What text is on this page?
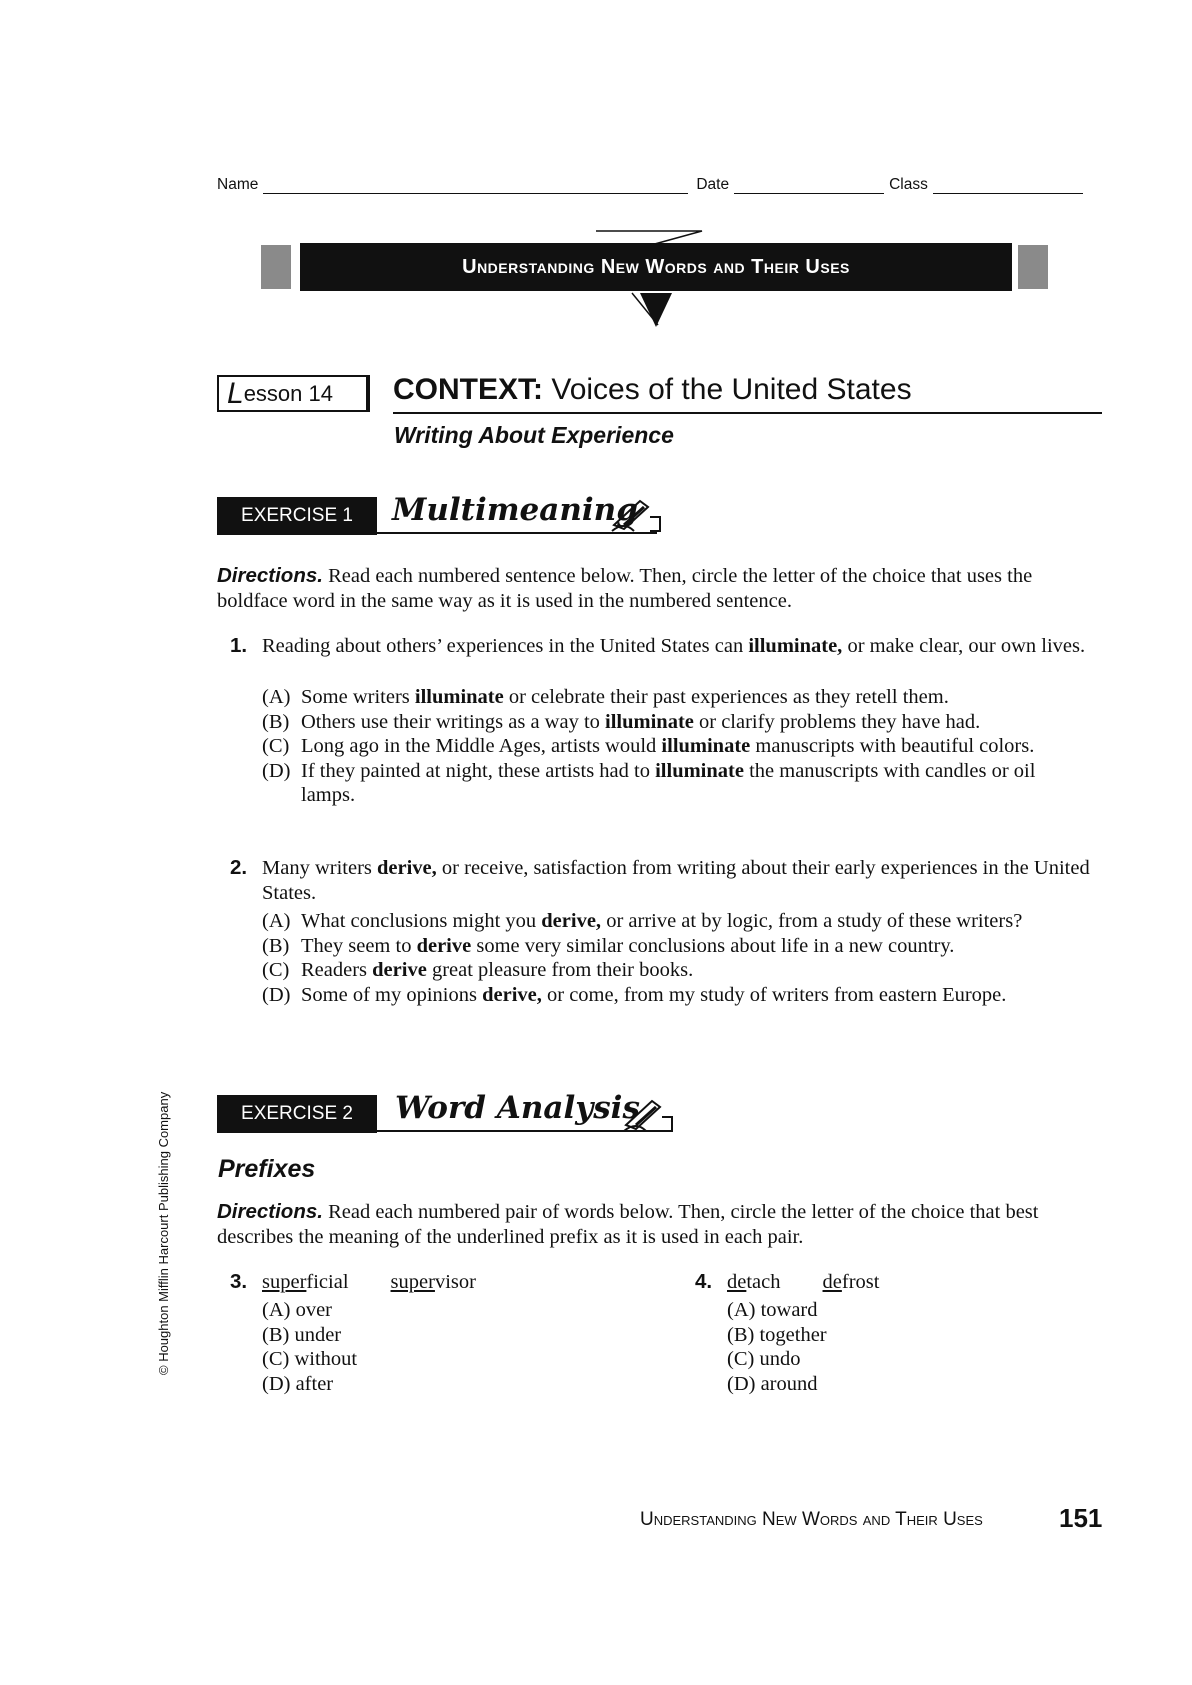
Name	Date	Class
Understanding New Words and Their Uses
L esson 14 CONTEXT: Voices of the United States
Writing About Experience
EXERCISE 1	Multimeaning
Directions. Read each numbered sentence below. Then, circle the letter of the choice that uses the boldface word in the same way as it is used in the numbered sentence.
1. Reading about others’ experiences in the United States can illuminate, or make clear, our own lives.
(A) Some writers illuminate or celebrate their past experiences as they retell them.
(B) Others use their writings as a way to illuminate or clarify problems they have had.
(C) Long ago in the Middle Ages, artists would illuminate manuscripts with beautiful colors.
(D) If they painted at night, these artists had to illuminate the manuscripts with candles or oil lamps.
2. Many writers derive, or receive, satisfaction from writing about their early experiences in the United States.
(A) What conclusions might you derive, or arrive at by logic, from a study of these writers?
(B) They seem to derive some very similar conclusions about life in a new country.
(C) Readers derive great pleasure from their books.
(D) Some of my opinions derive, or come, from my study of writers from eastern Europe.
EXERCISE 2	Word Analysis
Prefixes
Directions. Read each numbered pair of words below. Then, circle the letter of the choice that best describes the meaning of the underlined prefix as it is used in each pair.
3. superficial supervisor
(A) over
(B) under
(C) without
(D) after
4. detach defrost
(A) toward
(B) together
(C) undo
(D) around
© Houghton Mifflin Harcourt Publishing Company
Understanding New Words and Their Uses	151
